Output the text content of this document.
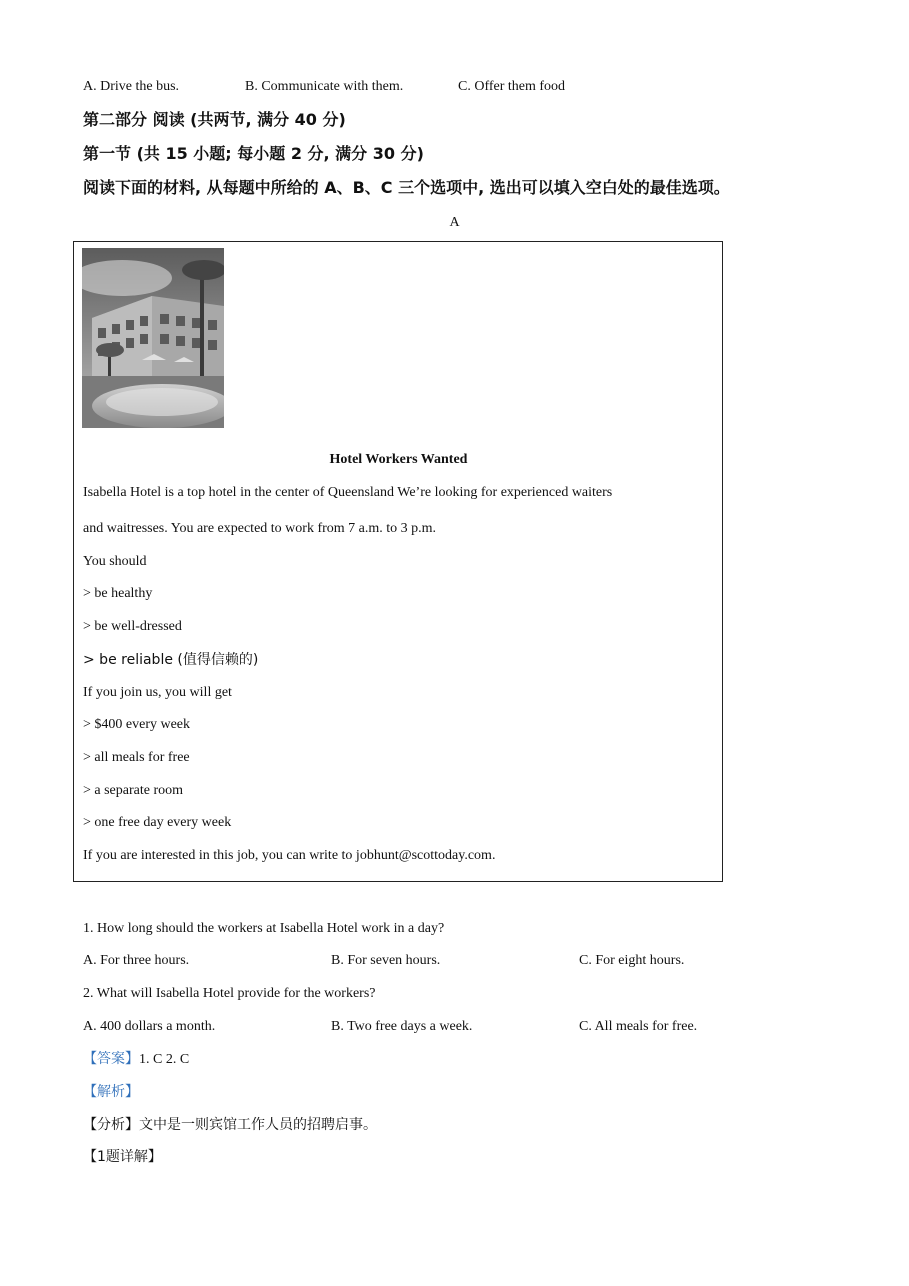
A. Drive the bus.	B. Communicate with them.	C. Offer them food
第二部分 阅读 (共两节, 满分 40 分)
第一节 (共 15 小题; 每小题 2 分, 满分 30 分)
阅读下面的材料, 从每题中所给的 A、B、C 三个选项中, 选出可以填入空白处的最佳选项。
A
Hotel Workers Wanted
Isabella Hotel is a top hotel in the center of Queensland We’re looking for experienced waiters
and waitresses. You are expected to work from 7 a.m. to 3 p.m.
You should
> be healthy
> be well-dressed
> be reliable (值得信赖的)
If you join us, you will get
> $400 every week
> all meals for free
> a separate room
> one free day every week
If you are interested in this job, you can write to jobhunt@scottoday.com.
1. How long should the workers at Isabella Hotel work in a day?
A. For three hours.	B. For seven hours.	C. For eight hours.
2. What will Isabella Hotel provide for the workers?
A. 400 dollars a month.	B. Two free days a week.	C. All meals for free.
【答案】1. C 2. C
【解析】
【分析】文中是一则宾馆工作人员的招聘启事。
【1题详解】
